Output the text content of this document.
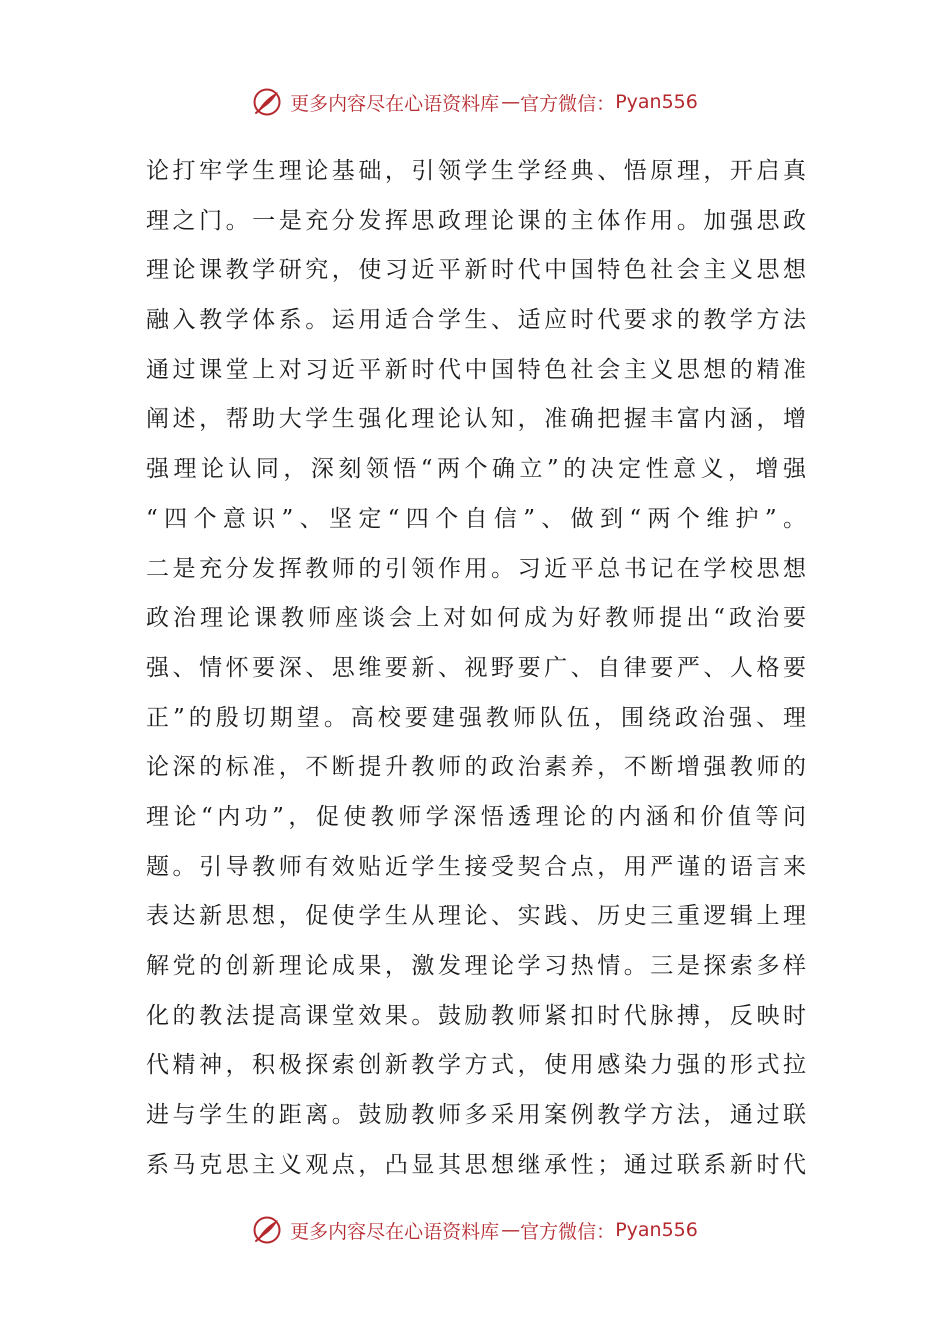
更多内容尽在心语资料库 — 官方微信： Pyan556
论打牢学生理论基础，引领学生学经典、悟原理，开启真
理之门。一是充分发挥思政理论课的主体作用。加强思政
理论课教学研究，使习近平新时代中国特色社会主义思想
融入教学体系。运用适合学生、适应时代要求的教学方法
通过课堂上对习近平新时代中国特色社会主义思想的精准
阐述，帮助大学生强化理论认知，准确把握丰富内涵，增
强理论认同，深刻领悟“两个确立”的决定性意义，增强
“四个意识”、坚定“四个自信”、做到“两个维护”。
二是充分发挥教师的引领作用。习近平总书记在学校思想
政治理论课教师座谈会上对如何成为好教师提出“政治要
强、情怀要深、思维要新、视野要广、自律要严、人格要
正”的殷切期望。高校要建强教师队伍，围绕政治强、理
论深的标准，不断提升教师的政治素养，不断增强教师的
理论“内功”，促使教师学深悟透理论的内涵和价值等问
题。引导教师有效贴近学生接受契合点，用严谨的语言来
表达新思想，促使学生从理论、实践、历史三重逻辑上理
解党的创新理论成果，激发理论学习热情。三是探索多样
化的教法提高课堂效果。鼓励教师紧扣时代脉搏，反映时
代精神，积极探索创新教学方式，使用感染力强的形式拉
进与学生的距离。鼓励教师多采用案例教学方法，通过联
系马克思主义观点，凸显其思想继承性；通过联系新时代
更多内容尽在心语资料库 — 官方微信： Pyan556
